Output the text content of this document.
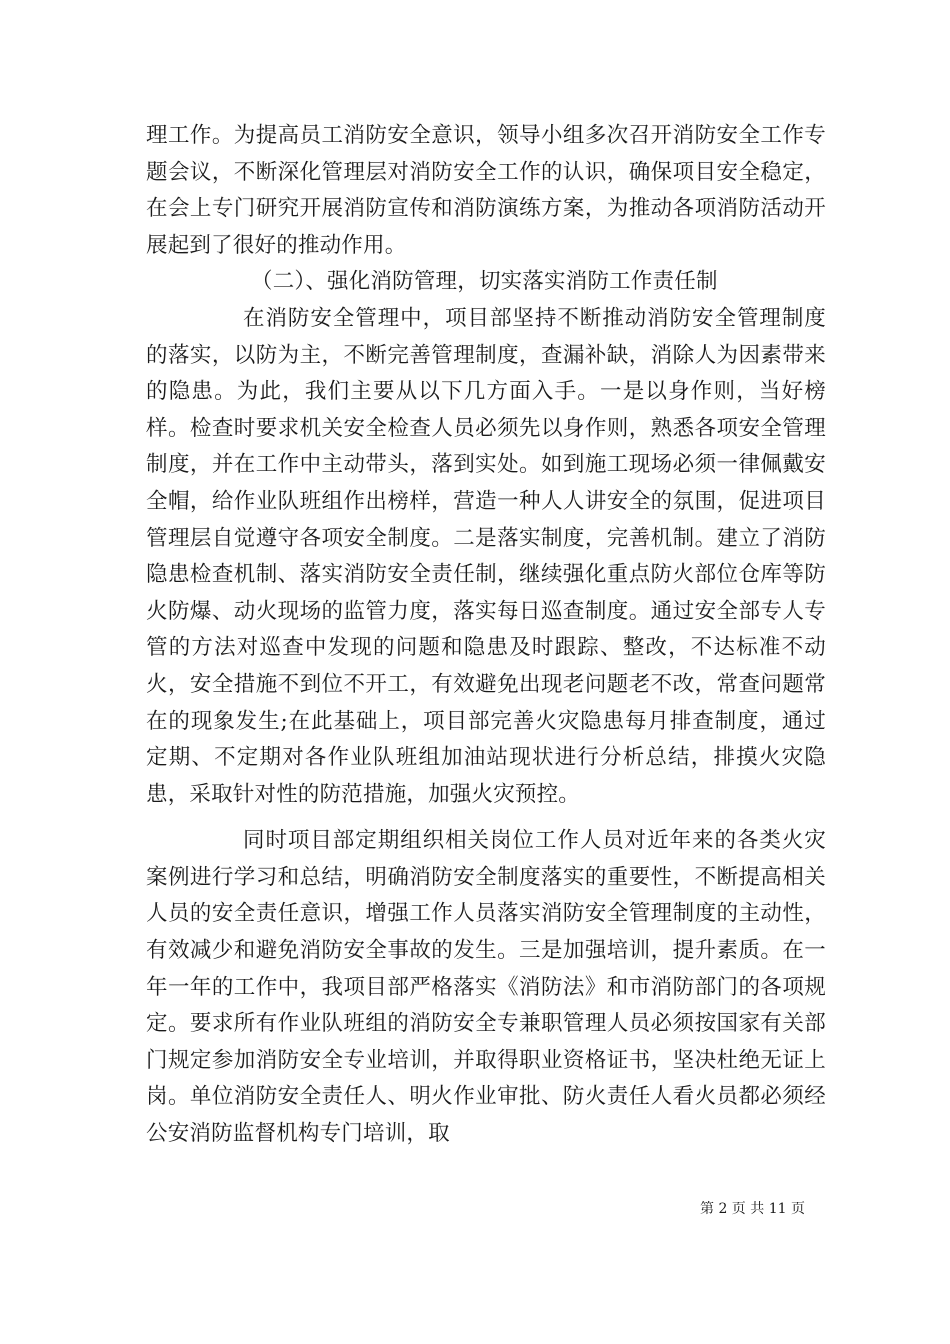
理工作。为提高员工消防安全意识，领导小组多次召开消防安全工作专题会议，不断深化管理层对消防安全工作的认识，确保项目安全稳定，在会上专门研究开展消防宣传和消防演练方案，为推动各项消防活动开展起到了很好的推动作用。

（二）、强化消防管理，切实落实消防工作责任制

在消防安全管理中，项目部坚持不断推动消防安全管理制度的落实，以防为主，不断完善管理制度，查漏补缺，消除人为因素带来的隐患。为此，我们主要从以下几方面入手。一是以身作则，当好榜样。检查时要求机关安全检查人员必须先以身作则，熟悉各项安全管理制度，并在工作中主动带头，落到实处。如到施工现场必须一律佩戴安全帽，给作业队班组作出榜样，营造一种人人讲安全的氛围，促进项目管理层自觉遵守各项安全制度。二是落实制度，完善机制。建立了消防隐患检查机制、落实消防安全责任制，继续强化重点防火部位仓库等防火防爆、动火现场的监管力度，落实每日巡查制度。通过安全部专人专管的方法对巡查中发现的问题和隐患及时跟踪、整改，不达标准不动火，安全措施不到位不开工，有效避免出现老问题老不改，常查问题常在的现象发生;在此基础上，项目部完善火灾隐患每月排查制度，通过定期、不定期对各作业队班组加油站现状进行分析总结，排摸火灾隐患，采取针对性的防范措施，加强火灾预控。

同时项目部定期组织相关岗位工作人员对近年来的各类火灾案例进行学习和总结，明确消防安全制度落实的重要性，不断提高相关人员的安全责任意识，增强工作人员落实消防安全管理制度的主动性，有效减少和避免消防安全事故的发生。三是加强培训，提升素质。在一年一年的工作中，我项目部严格落实《消防法》和市消防部门的各项规定。要求所有作业队班组的消防安全专兼职管理人员必须按国家有关部门规定参加消防安全专业培训，并取得职业资格证书，坚决杜绝无证上岗。单位消防安全责任人、明火作业审批、防火责任人看火员都必须经公安消防监督机构专门培训，取

第 2 页 共 11 页
